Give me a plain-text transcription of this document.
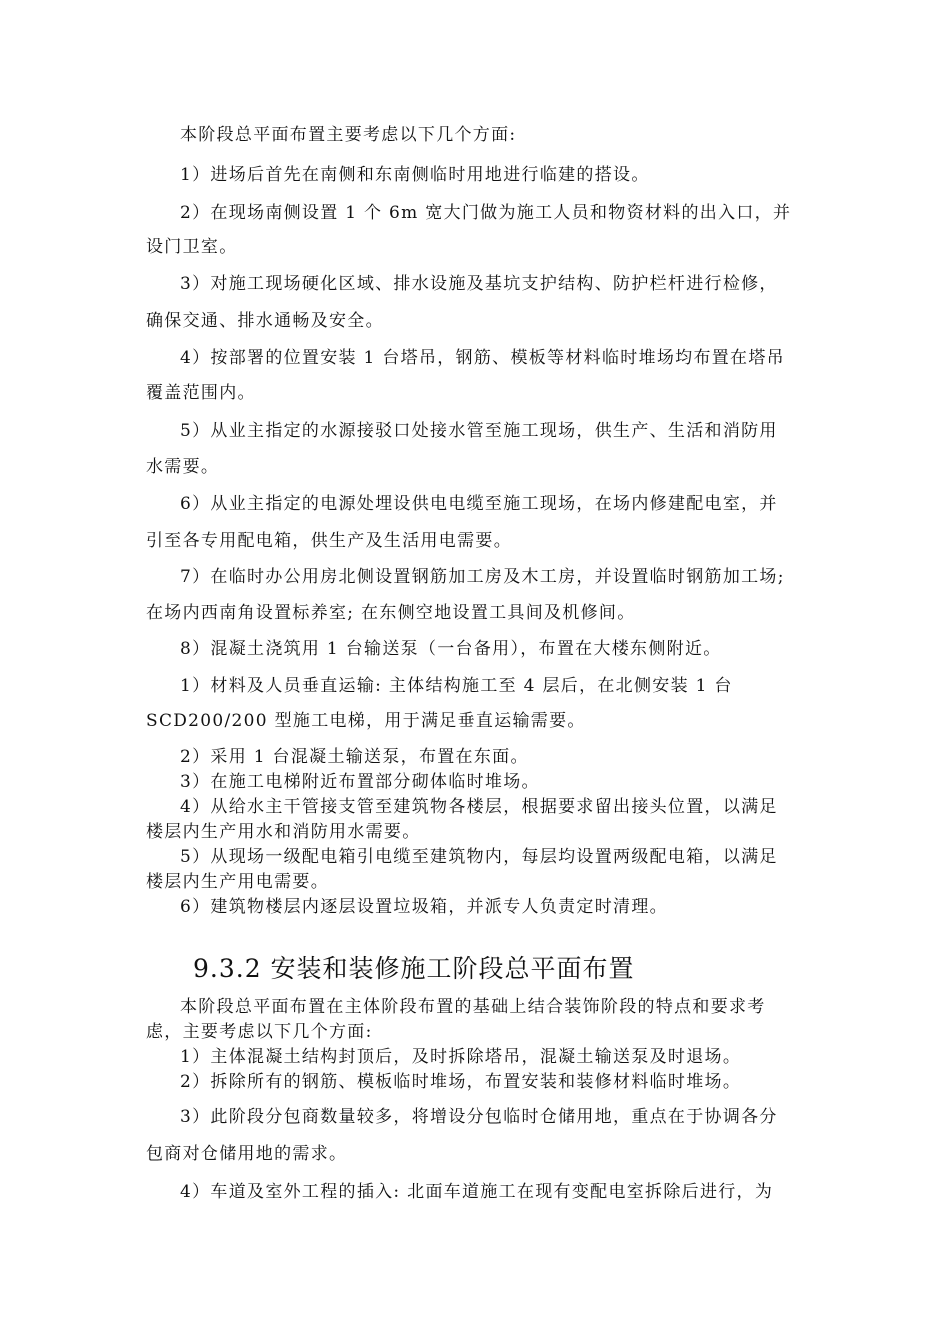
本阶段总平面布置主要考虑以下几个方面:
1）进场后首先在南侧和东南侧临时用地进行临建的搭设。
2）在现场南侧设置 1 个 6m 宽大门做为施工人员和物资材料的出入口，并
设门卫室。
3）对施工现场硬化区域、排水设施及基坑支护结构、防护栏杆进行检修，
确保交通、排水通畅及安全。
4）按部署的位置安装 1 台塔吊，钢筋、模板等材料临时堆场均布置在塔吊
覆盖范围内。
5）从业主指定的水源接驳口处接水管至施工现场，供生产、生活和消防用
水需要。
6）从业主指定的电源处埋设供电电缆至施工现场，在场内修建配电室，并
引至各专用配电箱，供生产及生活用电需要。
7）在临时办公用房北侧设置钢筋加工房及木工房，并设置临时钢筋加工场;
在场内西南角设置标养室; 在东侧空地设置工具间及机修间。
8）混凝土浇筑用 1 台输送泵（一台备用），布置在大楼东侧附近。
1）材料及人员垂直运输: 主体结构施工至 4 层后，在北侧安装 1 台
SCD200/200 型施工电梯，用于满足垂直运输需要。
2）采用 1 台混凝土输送泵，布置在东面。
3）在施工电梯附近布置部分砌体临时堆场。
4）从给水主干管接支管至建筑物各楼层，根据要求留出接头位置，以满足
楼层内生产用水和消防用水需要。
5）从现场一级配电箱引电缆至建筑物内，每层均设置两级配电箱，以满足
楼层内生产用电需要。
6）建筑物楼层内逐层设置垃圾箱，并派专人负责定时清理。
9.3.2 安装和装修施工阶段总平面布置
本阶段总平面布置在主体阶段布置的基础上结合装饰阶段的特点和要求考
虑，主要考虑以下几个方面:
1）主体混凝土结构封顶后，及时拆除塔吊，混凝土输送泵及时退场。
2）拆除所有的钢筋、模板临时堆场，布置安装和装修材料临时堆场。
3）此阶段分包商数量较多，将增设分包临时仓储用地，重点在于协调各分
包商对仓储用地的需求。
4）车道及室外工程的插入: 北面车道施工在现有变配电室拆除后进行，为
